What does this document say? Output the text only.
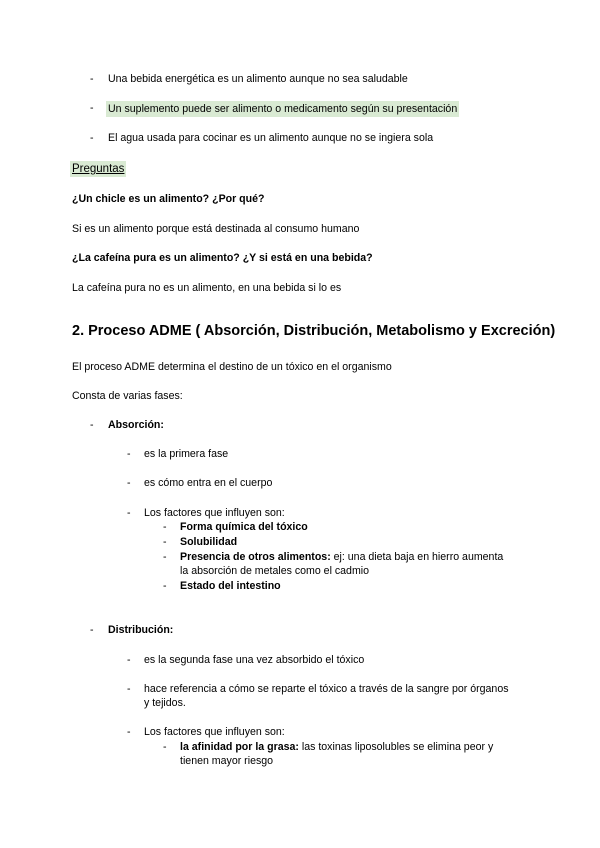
- Una bebida energética es un alimento aunque no sea saludable
- Un suplemento puede ser alimento o medicamento según su presentación
- El agua usada para cocinar es un alimento aunque no se ingiera sola
Preguntas
¿Un chicle es un alimento? ¿Por qué?
Si es un alimento porque está destinada al consumo humano
¿La cafeína pura es un alimento? ¿Y si está en una bebida?
La cafeína pura no es un alimento, en una bebida si lo es
2. Proceso ADME ( Absorción, Distribución, Metabolismo y Excreción)
El proceso ADME determina el destino de un tóxico en el organismo
Consta de varias fases:
- Absorción:
- es la primera fase
- es cómo entra en el cuerpo
- Los factores que influyen son:
- Forma química del tóxico
- Solubilidad
- Presencia de otros alimentos: ej: una dieta baja en hierro aumenta
la absorción de metales como el cadmio
- Estado del intestino
- Distribución:
- es la segunda fase una vez absorbido el tóxico
- hace referencia a cómo se reparte el tóxico a través de la sangre por órganos
y tejidos.
- Los factores que influyen son:
- la afinidad por la grasa: las toxinas liposolubles se elimina peor y
tienen mayor riesgo
